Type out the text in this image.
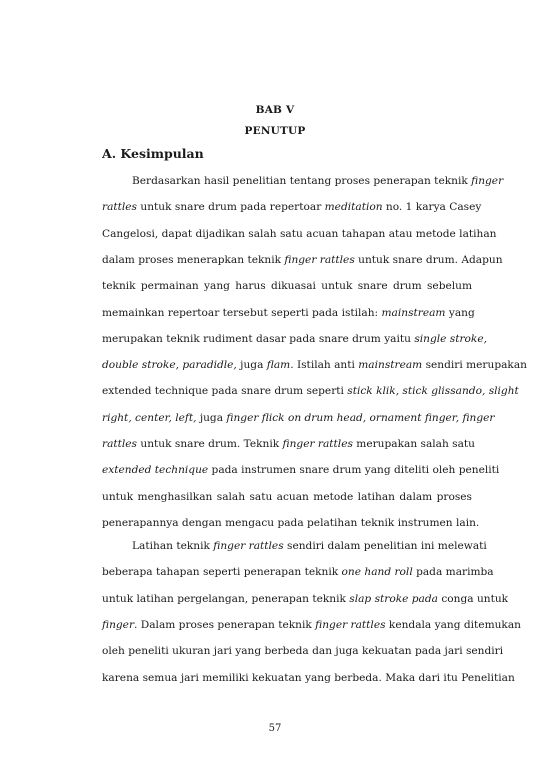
BAB V
PENUTUP
A. Kesimpulan
Berdasarkan hasil penelitian tentang proses penerapan teknik finger
rattles untuk snare drum pada repertoar meditation no. 1 karya Casey
Cangelosi, dapat dijadikan salah satu acuan tahapan atau metode latihan
dalam proses menerapkan teknik finger rattles untuk snare drum. Adapun
teknik permainan yang harus dikuasai untuk snare drum sebelum
memainkan repertoar tersebut seperti pada istilah: mainstream yang
merupakan teknik rudiment dasar pada snare drum yaitu single stroke,
double stroke, paradidle, juga flam. Istilah anti mainstream sendiri merupakan
extended technique pada snare drum seperti stick klik, stick glissando, slight
right, center, left, juga finger flick on drum head, ornament finger, finger
rattles untuk snare drum. Teknik finger rattles merupakan salah satu
extended technique pada instrumen snare drum yang diteliti oleh peneliti
untuk menghasilkan salah satu acuan metode latihan dalam proses
penerapannya dengan mengacu pada pelatihan teknik instrumen lain.
Latihan teknik finger rattles sendiri dalam penelitian ini melewati
beberapa tahapan seperti penerapan teknik one hand roll pada marimba
untuk latihan pergelangan, penerapan teknik slap stroke pada conga untuk
finger. Dalam proses penerapan teknik finger rattles kendala yang ditemukan
oleh peneliti ukuran jari yang berbeda dan juga kekuatan pada jari sendiri
karena semua jari memiliki kekuatan yang berbeda. Maka dari itu Penelitian
57
